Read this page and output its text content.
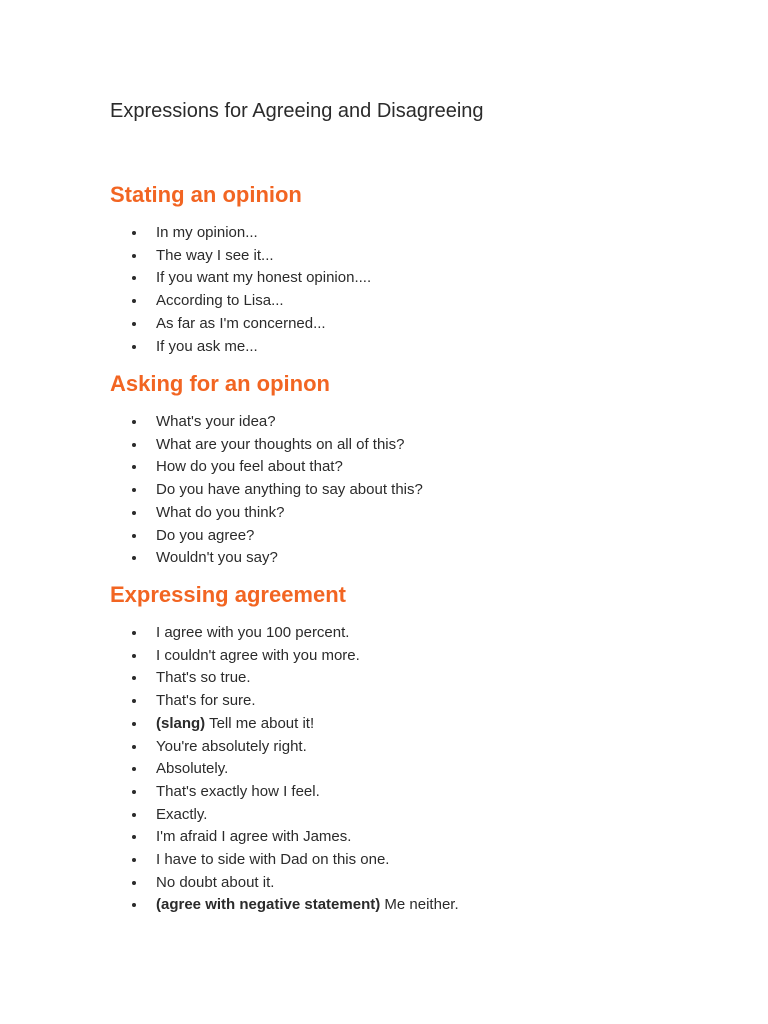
Expressions for Agreeing and Disagreeing
Stating an opinion
In my opinion...
The way I see it...
If you want my honest opinion....
According to Lisa...
As far as I'm concerned...
If you ask me...
Asking for an opinon
What's your idea?
What are your thoughts on all of this?
How do you feel about that?
Do you have anything to say about this?
What do you think?
Do you agree?
Wouldn't you say?
Expressing agreement
I agree with you 100 percent.
I couldn't agree with you more.
That's so true.
That's for sure.
(slang) Tell me about it!
You're absolutely right.
Absolutely.
That's exactly how I feel.
Exactly.
I'm afraid I agree with James.
I have to side with Dad on this one.
No doubt about it.
(agree with negative statement) Me neither.
